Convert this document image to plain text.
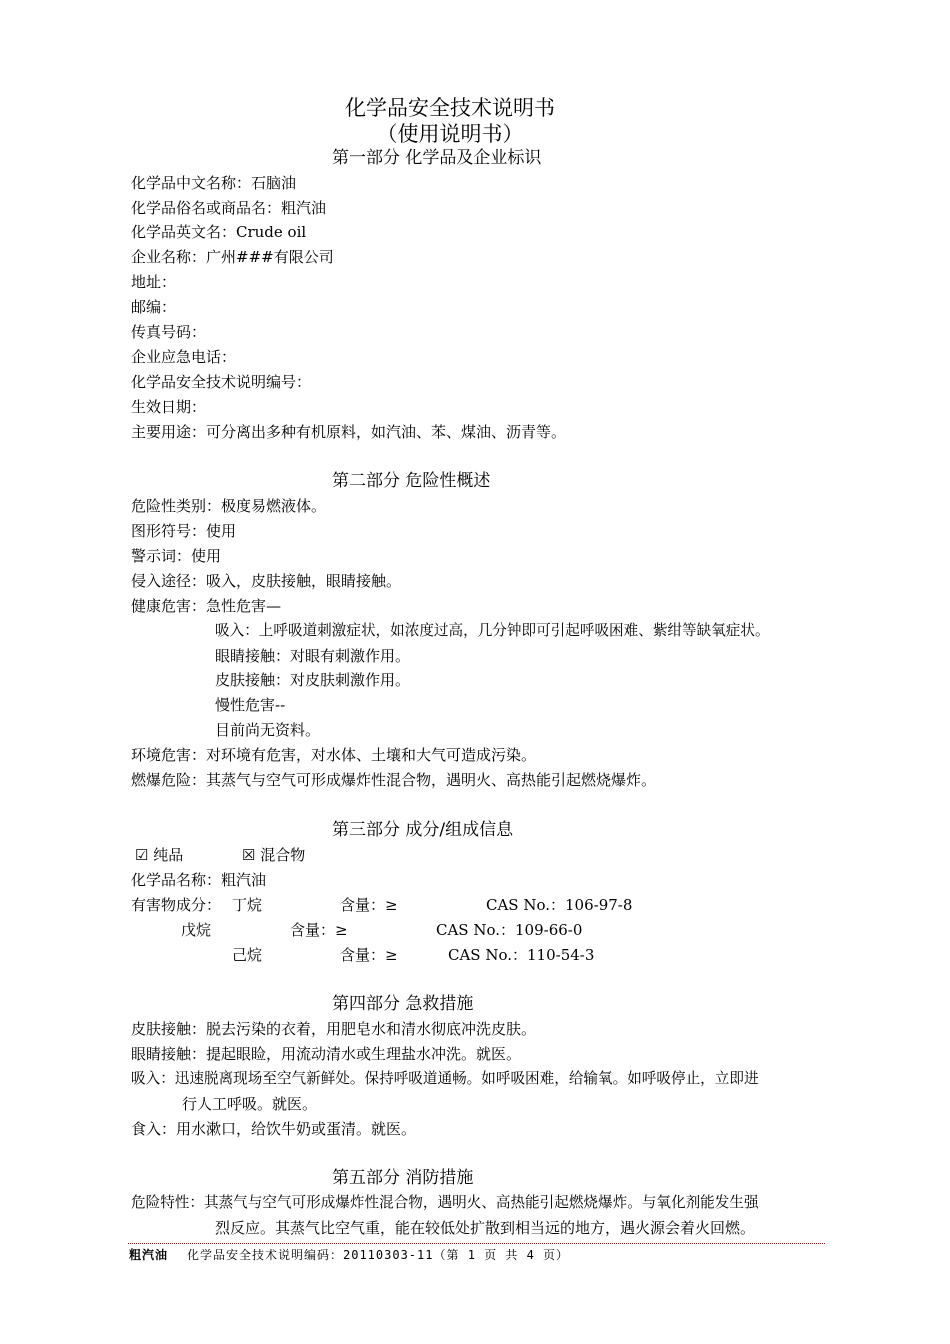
化学品安全技术说明书
（使用说明书）
第一部分 化学品及企业标识
化学品中文名称：石脑油
化学品俗名或商品名：粗汽油
化学品英文名：Crude oil
企业名称：广州###有限公司
地址：
邮编：
传真号码：
企业应急电话：
化学品安全技术说明编号：
生效日期：
主要用途：可分离出多种有机原料，如汽油、苯、煤油、沥青等。
第二部分 危险性概述
危险性类别：极度易燃液体。
图形符号：使用
警示词：使用
侵入途径：吸入，皮肤接触，眼睛接触。
健康危害：急性危害—
吸入：上呼吸道刺激症状，如浓度过高，几分钟即可引起呼吸困难、紫绀等缺氧症状。
眼睛接触：对眼有刺激作用。
皮肤接触：对皮肤刺激作用。
慢性危害--
目前尚无资料。
环境危害：对环境有危害，对水体、土壤和大气可造成污染。
燃爆危险：其蒸气与空气可形成爆炸性混合物，遇明火、高热能引起燃烧爆炸。
第三部分 成分/组成信息
☑ 纯品	☒ 混合物
化学品名称：粗汽油
有害物成分： 丁烷	含量：≥	CAS No.：106-97-8
戊烷	含量：≥	CAS No.：109-66-0
己烷	含量：≥	CAS No.：110-54-3
第四部分 急救措施
皮肤接触：脱去污染的衣着，用肥皂水和清水彻底冲洗皮肤。
眼睛接触：提起眼睑，用流动清水或生理盐水冲洗。就医。
吸入：迅速脱离现场至空气新鲜处。保持呼吸道通畅。如呼吸困难，给输氧。如呼吸停止，立即进
行人工呼吸。就医。
食入：用水漱口，给饮牛奶或蛋清。就医。
第五部分 消防措施
危险特性：其蒸气与空气可形成爆炸性混合物，遇明火、高热能引起燃烧爆炸。与氧化剂能发生强
烈反应。其蒸气比空气重，能在较低处扩散到相当远的地方，遇火源会着火回燃。
粗汽油 化学品安全技术说明编码：20110303-11（第 1 页 共 4 页）
